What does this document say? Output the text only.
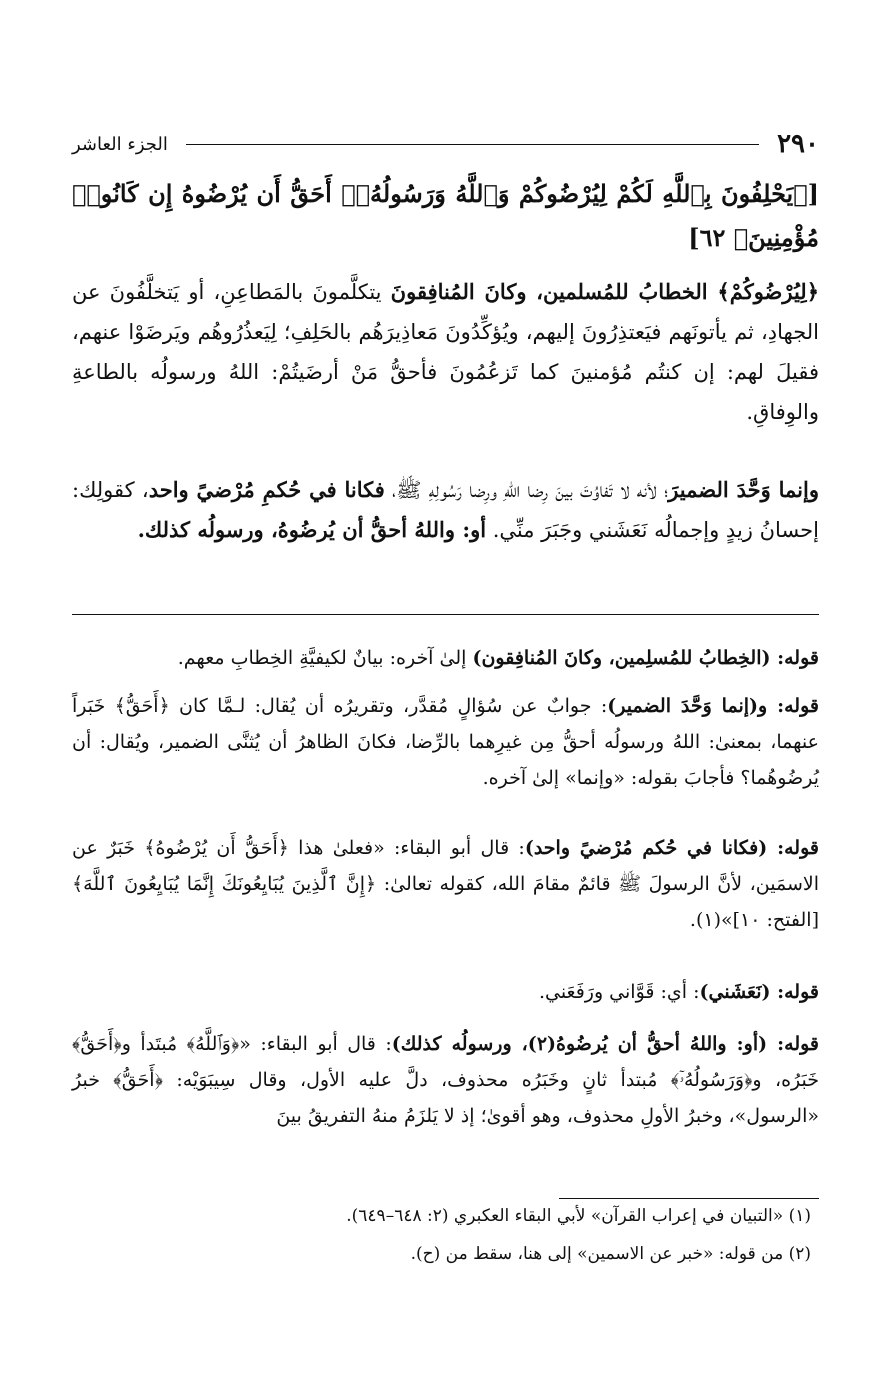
٢٩٠
الجزء العاشر
[﴿يَحْلِفُونَ بِٱللَّهِ لَكُمْ لِيُرْضُوكُمْ وَٱللَّهُ وَرَسُولُهُۥٓ أَحَقُّ أَن يُرْضُوهُ إِن كَانُوا۟ مُؤْمِنِينَ﴾ ٦٢]
﴿لِيُرْضُوكُمْ﴾ الخطابُ للمُسلمين، وكانَ المُنافِقونَ يتكلَّمونَ بالمَطاعِنِ، أو يَتخلَّفُونَ عن الجهادِ، ثم يأتونَهم فيَعتذِرُونَ إليهم، ويُؤكِّدُونَ مَعاذِيرَهُم بالحَلِفِ؛ لِيَعذُرُوهُم ويَرضَوْا عنهم، فقيلَ لهم: إن كنتُم مُؤمنينَ كما تَزعُمُونَ فأحقُّ مَنْ أرضَيتُمْ: اللهُ ورسولُه بالطاعةِ والوِفاقِ.
وإنما وَحَّدَ الضميرَ؛ لأنه لا تَفاوُتَ بينَ رِضا اللهِ ورِضا رَسُولِهِ ﷺ، فكانا في حُكمِ مُرْضيً واحد، كقولِك: إحسانُ زيدٍ وإجمالُه نَعَشَني وجَبَرَ منِّي. أو: واللهُ أحقُّ أن يُرضُوهُ، ورسولُه كذلك.
قوله: (الخِطابُ للمُسلِمين، وكانَ المُنافِقون) إلىٰ آخره: بيانٌ لكيفيَّةِ الخِطابِ معهم.
قوله: و(إنما وَحَّدَ الضمير): جوابٌ عن سُؤالٍ مُقدَّر، وتقريرُه أن يُقال: لـمَّا كان ﴿أَحَقُّ﴾ خَبَراً عنهما، بمعنىٰ: اللهُ ورسولُه أحقُّ مِن غيرِهما بالرِّضا، فكانَ الظاهرُ أن يُثنَّى الضمير، ويُقال: أن يُرضُوهُما؟ فأجابَ بقوله: «وإنما» إلىٰ آخره.
قوله: (فكانا في حُكم مُرْضيً واحد): قال أبو البقاء: «فعلىٰ هذا ﴿أَحَقُّ أَن يُرْضُوهُ﴾ خَبَرٌ عن الاسمَين، لأنَّ الرسولَ ﷺ قائمٌ مقامَ الله، كقوله تعالىٰ: ﴿إِنَّ ٱلَّذِينَ يُبَايِعُونَكَ إِنَّمَا يُبَايِعُونَ ٱللَّهَ﴾ [الفتح: ١٠]»(١).
قوله: (نَعَشَني): أي: قَوَّاني ورَفَعَني.
قوله: (أو: واللهُ أحقُّ أن يُرضُوهُ(٢)، ورسولُه كذلك): قال أبو البقاء: «﴿وَٱللَّهُ﴾ مُبتَدأ و﴿أَحَقُّ﴾ خَبَرُه، و﴿وَرَسُولُهُۥٓ﴾ مُبتدأ ثانٍ وخَبَرُه محذوف، دلَّ عليه الأول، وقال سِيبَوَيْه: ﴿أَحَقُّ﴾ خبرُ «الرسول»، وخبرُ الأولِ محذوف، وهو أقوىٰ؛ إذ لا يَلزَمُ منهُ التفريقُ بينَ
(١) «التبيان في إعراب القرآن» لأبي البقاء العكبري (٢: ٦٤٨–٦٤٩).
(٢) من قوله: «خبر عن الاسمين» إلى هنا، سقط من (ح).
